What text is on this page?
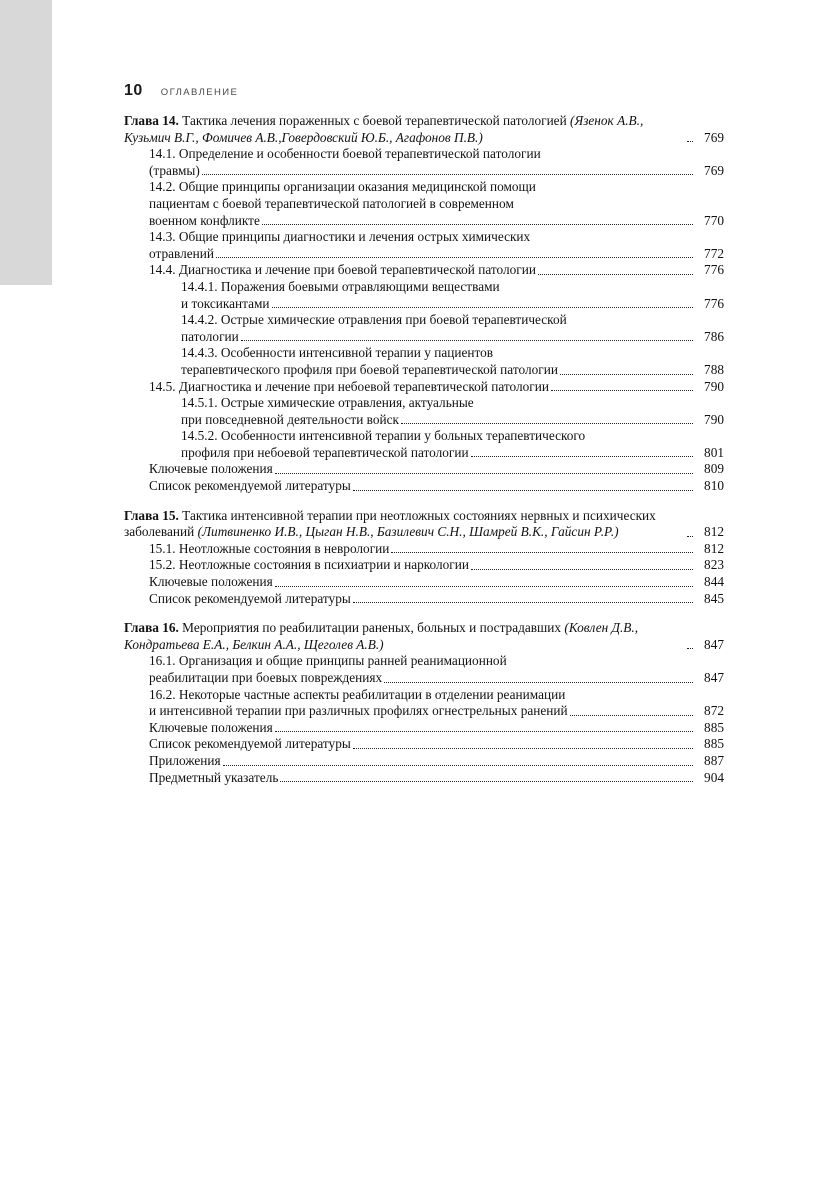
10 ОГЛАВЛЕНИЕ
Глава 14. Тактика лечения пораженных с боевой терапевтической патологией (Язенок А.В., Кузьмич В.Г., Фомичев А.В.,Говердовский Ю.Б., Агафонов П.В.)	769
14.1. Определение и особенности боевой терапевтической патологии
(травмы)	769
14.2. Общие принципы организации оказания медицинской помощи
пациентам с боевой терапевтической патологией в современном
военном конфликте	770
14.3. Общие принципы диагностики и лечения острых химических
отравлений	772
14.4. Диагностика и лечение при боевой терапевтической патологии	776
14.4.1. Поражения боевыми отравляющими веществами
и токсикантами	776
14.4.2. Острые химические отравления при боевой терапевтической
патологии	786
14.4.3. Особенности интенсивной терапии у пациентов
терапевтического профиля при боевой терапевтической патологии	788
14.5. Диагностика и лечение при небоевой терапевтической патологии	790
14.5.1. Острые химические отравления, актуальные
при повседневной деятельности войск	790
14.5.2. Особенности интенсивной терапии у больных терапевтического
профиля при небоевой терапевтической патологии	801
Ключевые положения	809
Список рекомендуемой литературы	810
Глава 15. Тактика интенсивной терапии при неотложных состояниях нервных и психических заболеваний (Литвиненко И.В., Цыган Н.В., Базилевич С.Н., Шамрей В.К., Гайсин Р.Р.)	812
15.1. Неотложные состояния в неврологии	812
15.2. Неотложные состояния в психиатрии и наркологии	823
Ключевые положения	844
Список рекомендуемой литературы	845
Глава 16. Мероприятия по реабилитации раненых, больных и пострадавших (Ковлен Д.В., Кондратьева Е.А., Белкин А.А., Щеголев А.В.)	847
16.1. Организация и общие принципы ранней реанимационной
реабилитации при боевых повреждениях	847
16.2. Некоторые частные аспекты реабилитации в отделении реанимации
и интенсивной терапии при различных профилях огнестрельных ранений	872
Ключевые положения	885
Список рекомендуемой литературы	885
Приложения	887
Предметный указатель	904
